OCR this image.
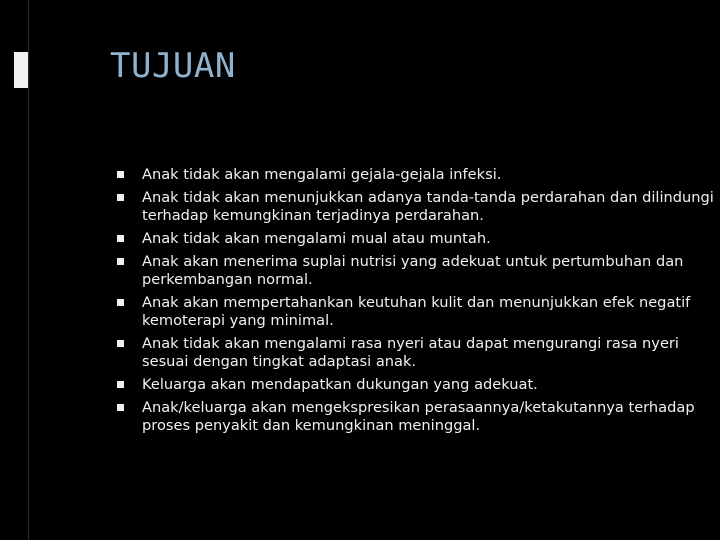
TUJUAN
Anak tidak akan mengalami gejala-gejala infeksi.
Anak tidak akan menunjukkan adanya tanda-tanda perdarahan dan dilindungi terhadap kemungkinan terjadinya perdarahan.
Anak tidak akan mengalami mual atau muntah.
Anak akan menerima suplai nutrisi yang adekuat untuk pertumbuhan dan perkembangan normal.
Anak akan mempertahankan keutuhan kulit dan menunjukkan efek negatif kemoterapi yang minimal.
Anak tidak akan mengalami rasa nyeri atau dapat mengurangi rasa nyeri sesuai dengan tingkat adaptasi anak.
Keluarga akan mendapatkan dukungan yang adekuat.
Anak/keluarga akan mengekspresikan perasaannya/ketakutannya terhadap proses penyakit dan kemungkinan meninggal.
